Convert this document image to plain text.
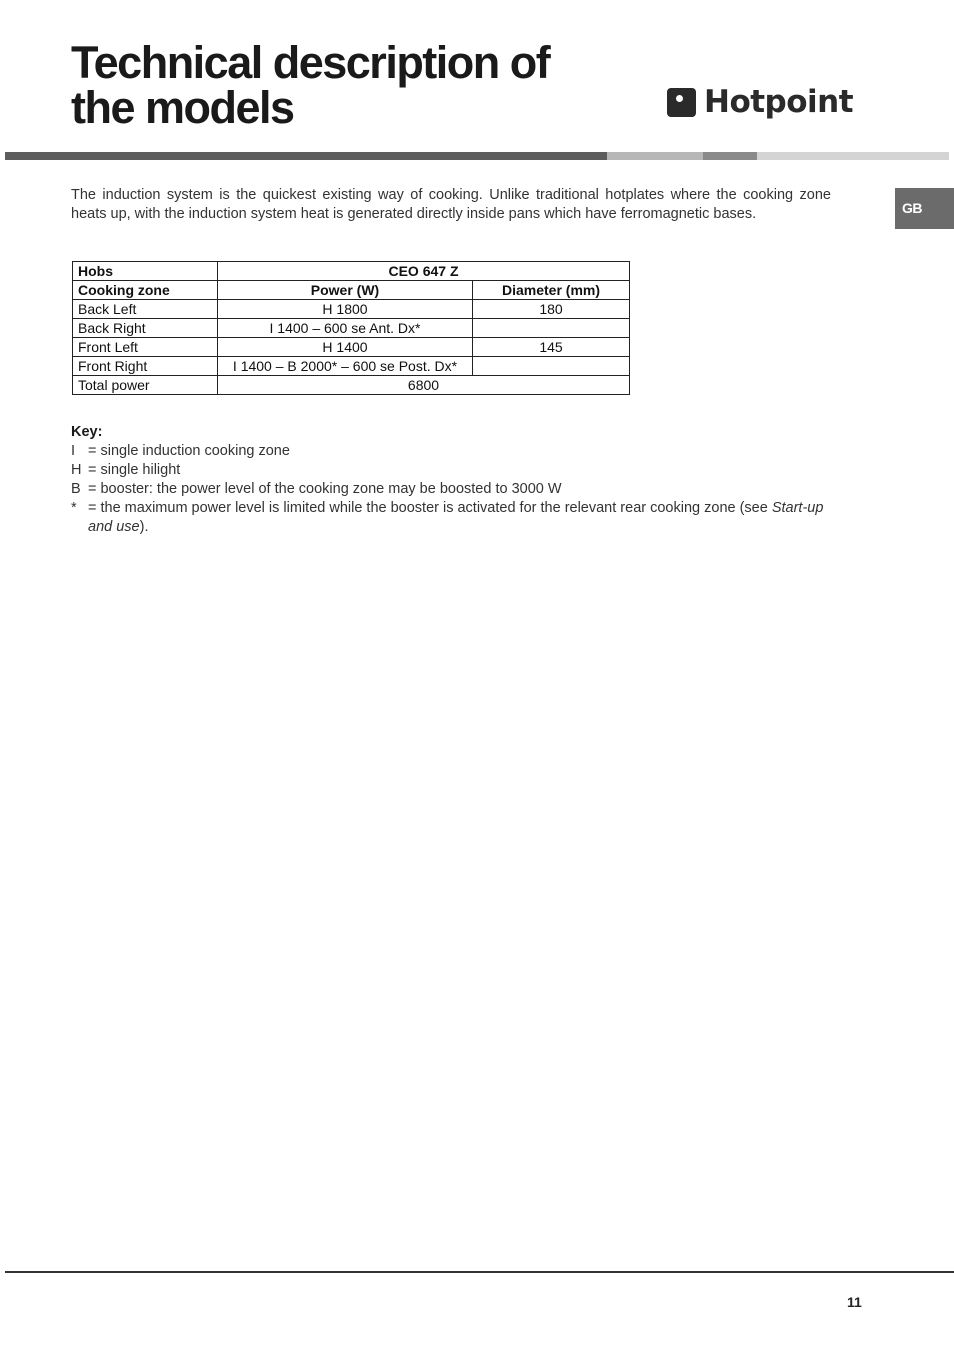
Technical description of
the models	Hotpoint
GB

The induction system is the quickest existing way of cooking. Unlike traditional hotplates where the cooking zone heats up, with the induction system heat is generated directly inside pans which have ferromagnetic bases.

Hobs	CEO 647 Z	
Cooking zone	Power (W)	Diameter (mm)
Back Left	H 1800	180
Back Right	I 1400 – 600 se Ant. Dx*	
Front Left	H 1400	145
Front Right	I 1400 – B 2000* – 600 se Post. Dx*	
Total power	6800	
Key:
I = single induction cooking zone
H = single hilight
B = booster: the power level of the cooking zone may be boosted to 3000 W
* = the maximum power level is limited while the booster is activated for the relevant rear cooking zone (see Start-up and use).
11
